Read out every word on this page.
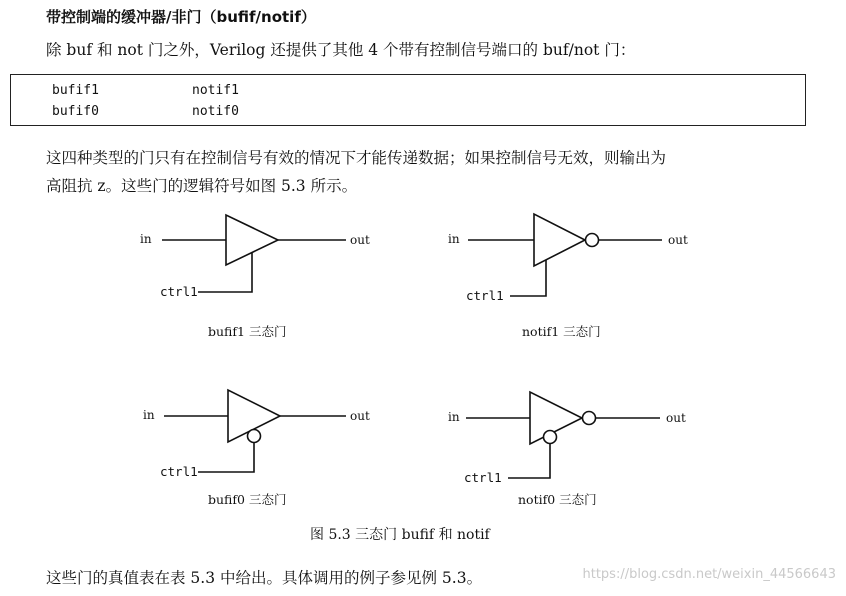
带控制端的缓冲器/非门（bufif/notif）
除 buf 和 not 门之外，Verilog 还提供了其他 4 个带有控制信号端口的 buf/not 门：
bufif1	notif1
bufif0	notif0
这四种类型的门只有在控制信号有效的情况下才能传递数据；如果控制信号无效，则输出为
高阻抗 z。这些门的逻辑符号如图 5.3 所示。
in	out
ctrl1
bufif1 三态门
in	out
ctrl1
notif1 三态门
in	out
ctrl1
bufif0 三态门
in	out
ctrl1
notif0 三态门
图 5.3 三态门 bufif 和 notif
这些门的真值表在表 5.3 中给出。具体调用的例子参见例 5.3。	https://blog.csdn.net/weixin_44566643
